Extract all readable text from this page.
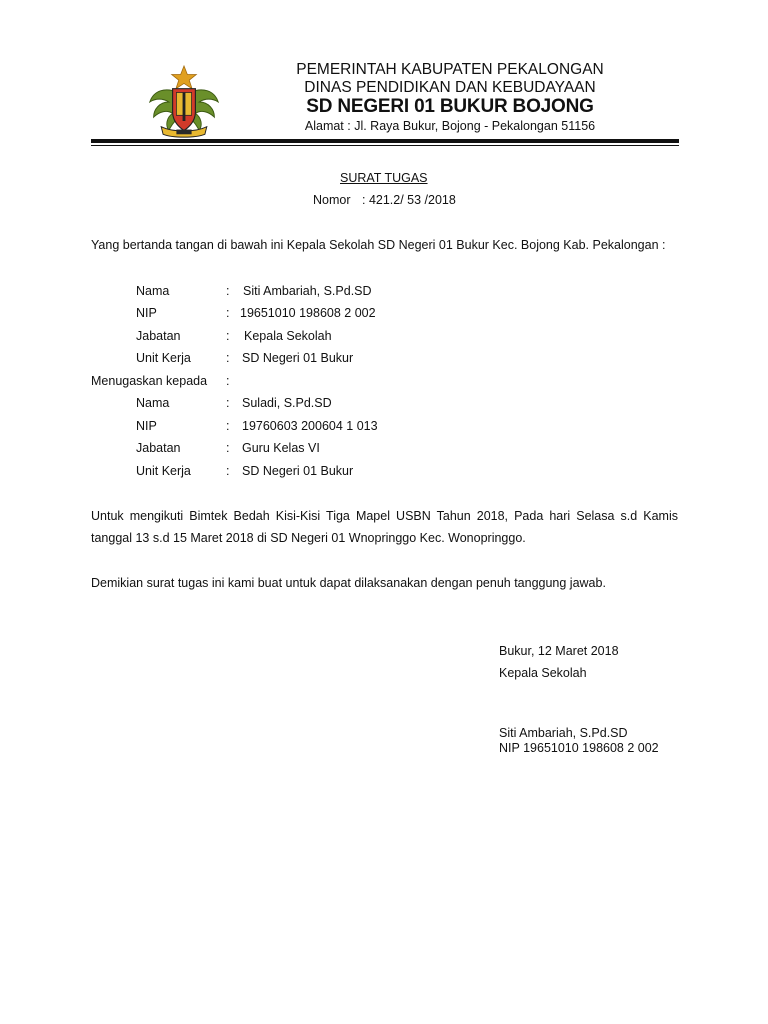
PEMERINTAH KABUPATEN PEKALONGAN
DINAS PENDIDIKAN DAN KEBUDAYAAN
SD NEGERI 01 BUKUR BOJONG
Alamat : Jl. Raya Bukur, Bojong - Pekalongan 51156
SURAT TUGAS
Nomor : 421.2/ 53 /2018
Yang bertanda tangan di bawah ini Kepala Sekolah SD Negeri 01 Bukur Kec. Bojong Kab. Pekalongan :
Nama	: Siti Ambariah, S.Pd.SD
NIP	: 19651010 198608 2 002
Jabatan	: Kepala Sekolah
Unit Kerja	: SD Negeri 01 Bukur
Menugaskan kepada :
Nama	: Suladi, S.Pd.SD
NIP	: 19760603 200604 1 013
Jabatan	: Guru Kelas VI
Unit Kerja	: SD Negeri 01 Bukur
Untuk mengikuti Bimtek Bedah Kisi-Kisi Tiga Mapel USBN Tahun 2018, Pada hari Selasa s.d Kamis tanggal 13 s.d 15 Maret 2018 di SD Negeri 01 Wnopringgo Kec. Wonopringgo.
Demikian surat tugas ini kami buat untuk dapat dilaksanakan dengan penuh tanggung jawab.
Bukur, 12 Maret 2018
Kepala Sekolah
Siti Ambariah, S.Pd.SD
NIP 19651010 198608 2 002
